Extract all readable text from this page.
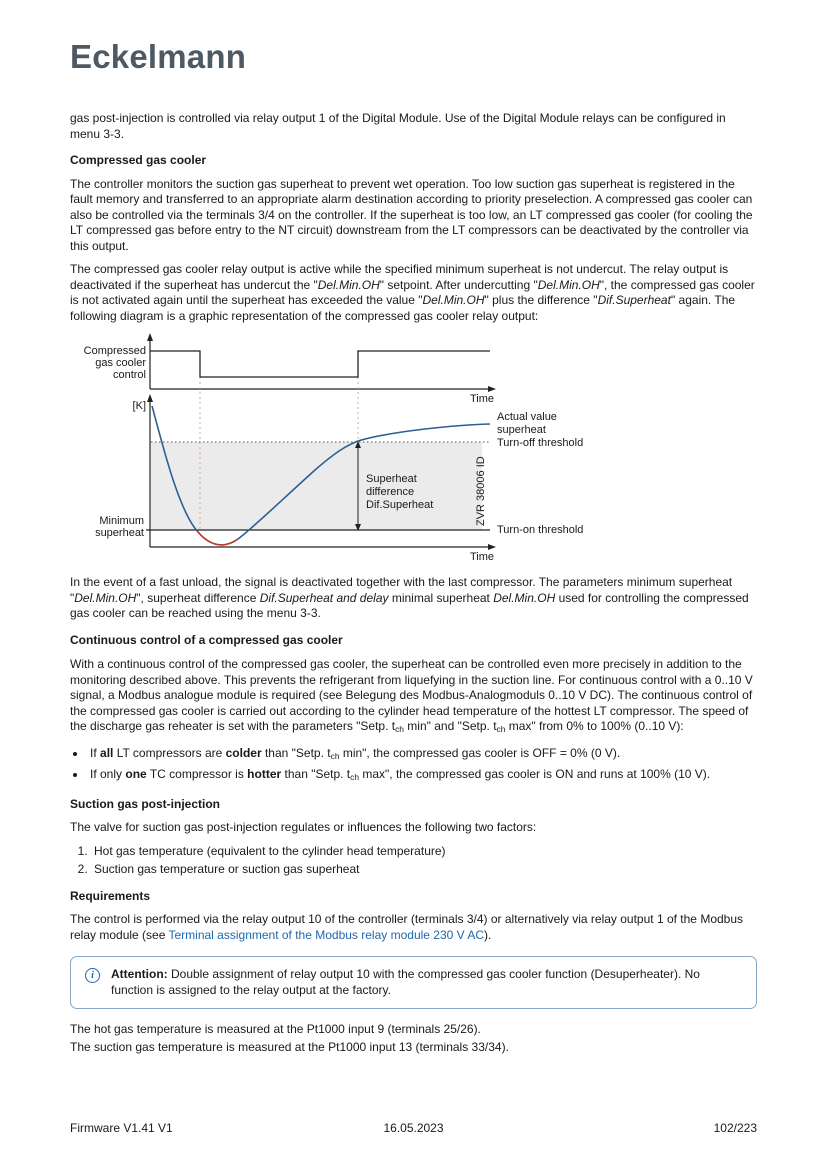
Eckelmann

gas post-injection is controlled via relay output 1 of the Digital Module. Use of the Digital Module relays can be configured in menu 3-3.

Compressed gas cooler

The controller monitors the suction gas superheat to prevent wet operation. Too low suction gas superheat is registered in the fault memory and transferred to an appropriate alarm destination according to priority preselection. A compressed gas cooler can also be controlled via the terminals 3/4 on the controller. If the superheat is too low, an LT compressed gas cooler (for cooling the LT compressed gas before entry to the NT circuit) downstream from the LT compressors can be deactivated by the controller via this output.

The compressed gas cooler relay output is active while the specified minimum superheat is not undercut. The relay output is deactivated if the superheat has undercut the "Del.Min.OH" setpoint. After undercutting "Del.Min.OH", the compressed gas cooler is not activated again until the superheat has exceeded the value "Del.Min.OH" plus the difference "Dif.Superheat" again. The following diagram is a graphic representation of the compressed gas cooler relay output:

Compressed
gas cooler
control
Time
[K]
Time
Superheat
difference
Dif.Superheat
Minimum
superheat
Actual value
superheat
Turn-off threshold
Turn-on threshold
ZVR 38006 ID

In the event of a fast unload, the signal is deactivated together with the last compressor. The parameters minimum superheat "Del.Min.OH", superheat difference Dif.Superheat and delay minimal superheat Del.Min.OH used for controlling the compressed gas cooler can be reached using the menu 3-3.

Continuous control of a compressed gas cooler

With a continuous control of the compressed gas cooler, the superheat can be controlled even more precisely in addition to the monitoring described above. This prevents the refrigerant from liquefying in the suction line. For continuous control with a 0..10 V signal, a Modbus analogue module is required (see Belegung des Modbus-Analogmoduls 0..10 V DC). The continuous control of the compressed gas cooler is carried out according to the cylinder head temperature of the hottest LT compressor. The speed of the discharge gas reheater is set with the parameters "Setp. tch min" and "Setp. tch max" from 0% to 100% (0..10 V):

• If all LT compressors are colder than "Setp. tch min", the compressed gas cooler is OFF = 0% (0 V).
• If only one TC compressor is hotter than "Setp. tch max", the compressed gas cooler is ON and runs at 100% (10 V).
Suction gas post-injection

The valve for suction gas post-injection regulates or influences the following two factors:

1. Hot gas temperature (equivalent to the cylinder head temperature)
2. Suction gas temperature or suction gas superheat
Requirements

The control is performed via the relay output 10 of the controller (terminals 3/4) or alternatively via relay output 1 of the Modbus relay module (see Terminal assignment of the Modbus relay module 230 V AC).

i	Attention: Double assignment of relay output 10 with the compressed gas cooler function (Desuperheater). No function is assigned to the relay output at the factory.

The hot gas temperature is measured at the Pt1000 input 9 (terminals 25/26).

The suction gas temperature is measured at the Pt1000 input 13 (terminals 33/34).

Firmware V1.41 V1	16.05.2023	102/223
